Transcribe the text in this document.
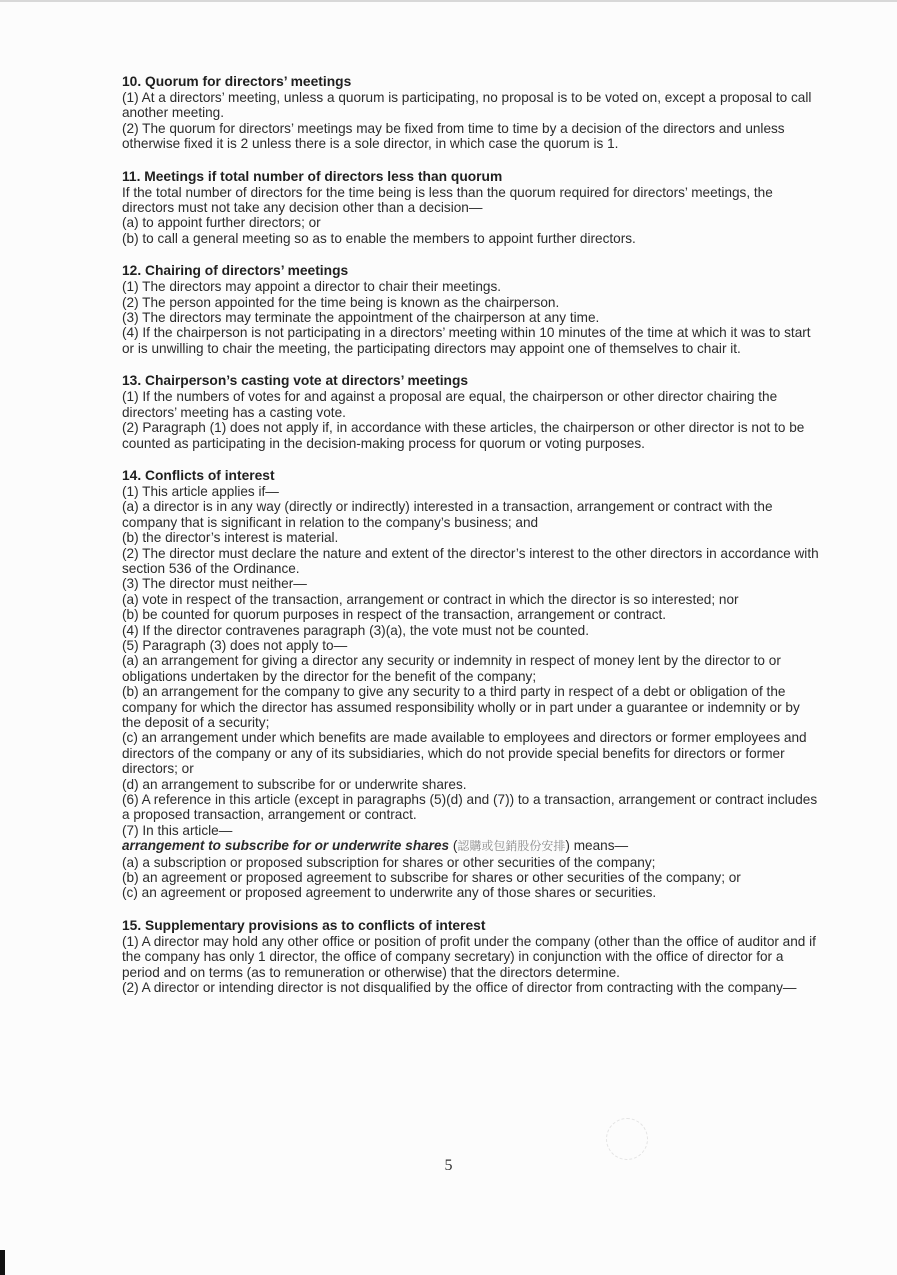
10. Quorum for directors’ meetings

(1) At a directors’ meeting, unless a quorum is participating, no proposal is to be voted on, except a proposal to call another meeting.

(2) The quorum for directors’ meetings may be fixed from time to time by a decision of the directors and unless otherwise fixed it is 2 unless there is a sole director, in which case the quorum is 1.

11. Meetings if total number of directors less than quorum

If the total number of directors for the time being is less than the quorum required for directors’ meetings, the directors must not take any decision other than a decision—

(a) to appoint further directors; or

(b) to call a general meeting so as to enable the members to appoint further directors.

12. Chairing of directors’ meetings

(1) The directors may appoint a director to chair their meetings.

(2) The person appointed for the time being is known as the chairperson.

(3) The directors may terminate the appointment of the chairperson at any time.

(4) If the chairperson is not participating in a directors’ meeting within 10 minutes of the time at which it was to start or is unwilling to chair the meeting, the participating directors may appoint one of themselves to chair it.

13. Chairperson’s casting vote at directors’ meetings

(1) If the numbers of votes for and against a proposal are equal, the chairperson or other director chairing the directors’ meeting has a casting vote.

(2) Paragraph (1) does not apply if, in accordance with these articles, the chairperson or other director is not to be counted as participating in the decision-making process for quorum or voting purposes.

14. Conflicts of interest

(1) This article applies if—

(a) a director is in any way (directly or indirectly) interested in a transaction, arrangement or contract with the company that is significant in relation to the company’s business; and

(b) the director’s interest is material.

(2) The director must declare the nature and extent of the director’s interest to the other directors in accordance with section 536 of the Ordinance.

(3) The director must neither—

(a) vote in respect of the transaction, arrangement or contract in which the director is so interested; nor

(b) be counted for quorum purposes in respect of the transaction, arrangement or contract.

(4) If the director contravenes paragraph (3)(a), the vote must not be counted.

(5) Paragraph (3) does not apply to—

(a) an arrangement for giving a director any security or indemnity in respect of money lent by the director to or obligations undertaken by the director for the benefit of the company;

(b) an arrangement for the company to give any security to a third party in respect of a debt or obligation of the company for which the director has assumed responsibility wholly or in part under a guarantee or indemnity or by the deposit of a security;

(c) an arrangement under which benefits are made available to employees and directors or former employees and directors of the company or any of its subsidiaries, which do not provide special benefits for directors or former directors; or

(d) an arrangement to subscribe for or underwrite shares.

(6) A reference in this article (except in paragraphs (5)(d) and (7)) to a transaction, arrangement or contract includes a proposed transaction, arrangement or contract.

(7) In this article—

arrangement to subscribe for or underwrite shares (認購或包銷股份安排) means—

(a) a subscription or proposed subscription for shares or other securities of the company;

(b) an agreement or proposed agreement to subscribe for shares or other securities of the company; or

(c) an agreement or proposed agreement to underwrite any of those shares or securities.

15. Supplementary provisions as to conflicts of interest

(1) A director may hold any other office or position of profit under the company (other than the office of auditor and if the company has only 1 director, the office of company secretary) in conjunction with the office of director for a period and on terms (as to remuneration or otherwise) that the directors determine.

(2) A director or intending director is not disqualified by the office of director from contracting with the company—

5
